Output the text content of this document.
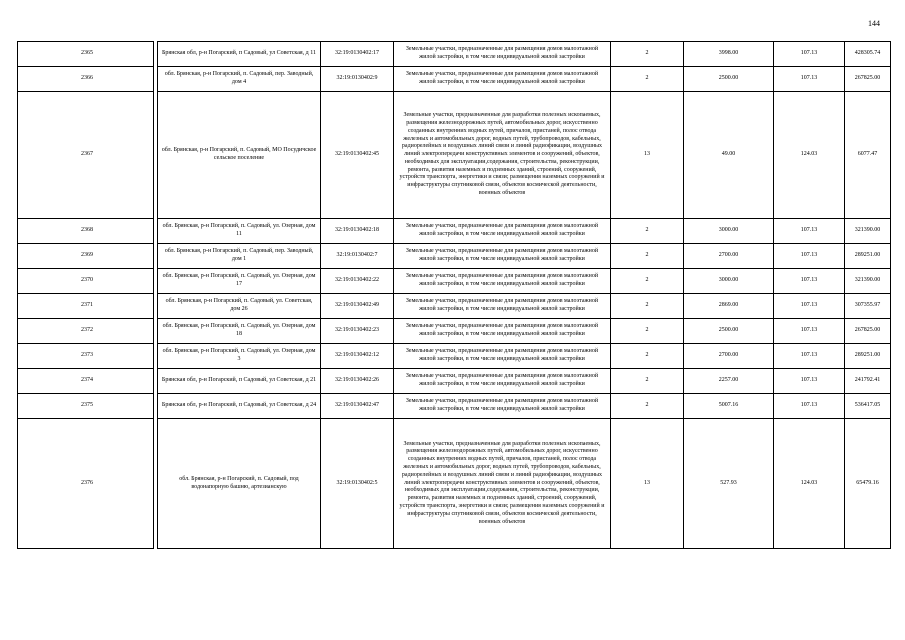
144
2365		Брянская обл, р-н Погарский, п Садовый, ул Советская, д 11	32:19:0130402:17	Земельные участки, предназначенные для размещения домов малоэтажной жилой застройки, в том числе индивидуальной жилой застройки	2	3998.00	107.13	428305.74
2366		обл. Брянская, р-н Погарский, п. Садовый, пер. Заводный, дом 4	32:19:0130402:9	Земельные участки, предназначенные для размещения домов малоэтажной жилой застройки, в том числе индивидуальной жилой застройки	2	2500.00	107.13	267825.00
2367		обл. Брянская, р-н Погарский, п. Садовый, МО Посудичское сельское поселение	32:19:0130402:45	Земельные участки, предназначенные для разработки полезных ископаемых, размещения железнодорожных путей, автомобильных дорог, искусственно созданных внутренних водных путей, причалов, пристаней, полос отвода железных и автомобильных дорог, водных путей, трубопроводов, кабельных, радиорелейных и воздушных линий связи и линий радиофикации, воздушных линий электропередачи конструктивных элементов и сооружений, объектов, необходимых для эксплуатации,содержания, строительства, реконструкции, ремонта, развития наземных и подземных зданий, строений, сооружений, устройств транспорта, энергетики и связи; размещения наземных сооружений и инфраструктуры спутниковой связи, объектов космической деятельности, военных объектов	13	49.00	124.03	6077.47
2368		обл. Брянская, р-н Погарский, п. Садовый, ул. Озерная, дом 11	32:19:0130402:18	Земельные участки, предназначенные для размещения домов малоэтажной жилой застройки, в том числе индивидуальной жилой застройки	2	3000.00	107.13	321390.00
2369		обл. Брянская, р-н Погарский, п. Садовый, пер. Заводный, дом 1	32:19:0130402:7	Земельные участки, предназначенные для размещения домов малоэтажной жилой застройки, в том числе индивидуальной жилой застройки	2	2700.00	107.13	289251.00
2370		обл. Брянская, р-н Погарский, п. Садовый, ул. Озерная, дом 17	32:19:0130402:22	Земельные участки, предназначенные для размещения домов малоэтажной жилой застройки, в том числе индивидуальной жилой застройки	2	3000.00	107.13	321390.00
2371		обл. Брянская, р-н Погарский, п. Садовый, ул. Советская, дом 26	32:19:0130402:49	Земельные участки, предназначенные для размещения домов малоэтажной жилой застройки, в том числе индивидуальной жилой застройки	2	2869.00	107.13	307355.97
2372		обл. Брянская, р-н Погарский, п. Садовый, ул. Озерная, дом 18	32:19:0130402:23	Земельные участки, предназначенные для размещения домов малоэтажной жилой застройки, в том числе индивидуальной жилой застройки	2	2500.00	107.13	267825.00
2373		обл. Брянская, р-н Погарский, п. Садовый, ул. Озерная, дом 3	32:19:0130402:12	Земельные участки, предназначенные для размещения домов малоэтажной жилой застройки, в том числе индивидуальной жилой застройки	2	2700.00	107.13	289251.00
2374		Брянская обл, р-н Погарский, п Садовый, ул Советская, д 21	32:19:0130402:26	Земельные участки, предназначенные для размещения домов малоэтажной жилой застройки, в том числе индивидуальной жилой застройки	2	2257.00	107.13	241792.41
2375		Брянская обл, р-н Погарский, п Садовый, ул Советская, д 24	32:19:0130402:47	Земельные участки, предназначенные для размещения домов малоэтажной жилой застройки, в том числе индивидуальной жилой застройки	2	5007.16	107.13	536417.05
2376		обл. Брянская, р-н Погарский, п. Садовый, под водонапорную башню, артезианскую	32:19:0130402:5	Земельные участки, предназначенные для разработки полезных ископаемых, размещения железнодорожных путей, автомобильных дорог, искусственно созданных внутренних водных путей, причалов, пристаней, полос отвода железных и автомобильных дорог, водных путей, трубопроводов, кабельных, радиорелейных и воздушных линий связи и линий радиофикации, воздушных линий электропередачи конструктивных элементов и сооружений, объектов, необходимых для эксплуатации,содержания, строительства, реконструкции, ремонта, развития наземных и подземных зданий, строений, сооружений, устройств транспорта, энергетики и связи; размещения наземных сооружений и инфраструктуры спутниковой связи, объектов космической деятельности, военных объектов	13	527.93	124.03	65479.16
